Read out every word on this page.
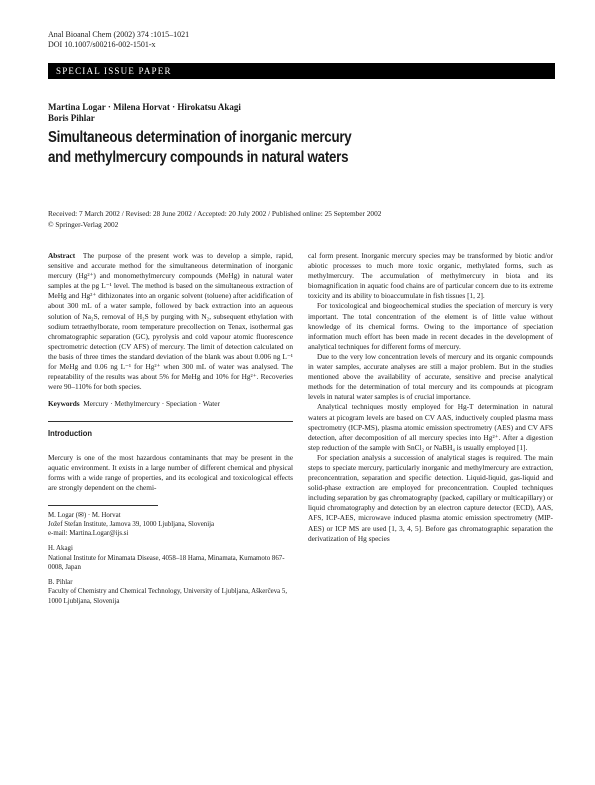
Anal Bioanal Chem (2002) 374 :1015–1021
DOI 10.1007/s00216-002-1501-x
SPECIAL ISSUE PAPER
Martina Logar · Milena Horvat · Hirokatsu Akagi
Boris Pihlar
Simultaneous determination of inorganic mercury
and methylmercury compounds in natural waters
Received: 7 March 2002 / Revised: 28 June 2002 / Accepted: 20 July 2002 / Published online: 25 September 2002
© Springer-Verlag 2002

Abstract The purpose of the present work was to develop a simple, rapid, sensitive and accurate method for the simultaneous determination of inorganic mercury (Hg²⁺) and monomethylmercury compounds (MeHg) in natural water samples at the pg L⁻¹ level. The method is based on the simultaneous extraction of MeHg and Hg²⁺ dithizonates into an organic solvent (toluene) after acidification of about 300 mL of a water sample, followed by back extraction into an aqueous solution of Na₂S, removal of H₂S by purging with N₂, subsequent ethylation with sodium tetraethylborate, room temperature precollection on Tenax, isothermal gas chromatographic separation (GC), pyrolysis and cold vapour atomic fluorescence spectrometric detection (CV AFS) of mercury. The limit of detection calculated on the basis of three times the standard deviation of the blank was about 0.006 ng L⁻¹ for MeHg and 0.06 ng L⁻¹ for Hg²⁺ when 300 mL of water was analysed. The repeatability of the results was about 5% for MeHg and 10% for Hg²⁺. Recoveries were 90–110% for both species.

Keywords Mercury · Methylmercury · Speciation · Water

Introduction

Mercury is one of the most hazardous contaminants that may be present in the aquatic environment. It exists in a large number of different chemical and physical forms with a wide range of properties, and its ecological and toxicological effects are strongly dependent on the chemi-

M. Logar (✉) · M. Horvat
Jožef Stefan Institute, Jamova 39, 1000 Ljubljana, Slovenija
e-mail: Martina.Logar@ijs.si
H. Akagi
National Institute for Minamata Disease, 4058–18 Hama, Minamata, Kumamoto 867-0008, Japan
B. Pihlar
Faculty of Chemistry and Chemical Technology, University of Ljubljana, Aškerčeva 5, 1000 Ljubljana, Slovenija

cal form present. Inorganic mercury species may be transformed by biotic and/or abiotic processes to much more toxic organic, methylated forms, such as methylmercury. The accumulation of methylmercury in biota and its biomagnification in aquatic food chains are of particular concern due to its extreme toxicity and its ability to bioaccumulate in fish tissues [1, 2].

For toxicological and biogeochemical studies the speciation of mercury is very important. The total concentration of the element is of little value without knowledge of its chemical forms. Owing to the importance of speciation information much effort has been made in recent decades in the development of analytical techniques for different forms of mercury.

Due to the very low concentration levels of mercury and its organic compounds in water samples, accurate analyses are still a major problem. But in the studies mentioned above the availability of accurate, sensitive and precise analytical methods for the determination of total mercury and its compounds at picogram levels in natural water samples is of crucial importance.

Analytical techniques mostly employed for Hg-T determination in natural waters at picogram levels are based on CV AAS, inductively coupled plasma mass spectrometry (ICP-MS), plasma atomic emission spectrometry (AES) and CV AFS detection, after decomposition of all mercury species into Hg²⁺. After a digestion step reduction of the sample with SnCl₂ or NaBH₄ is usually employed [1].

For speciation analysis a succession of analytical stages is required. The main steps to speciate mercury, particularly inorganic and methylmercury are extraction, preconcentration, separation and specific detection. Liquid-liquid, gas-liquid and solid-phase extraction are employed for preconcentration. Coupled techniques including separation by gas chromatography (packed, capillary or multicapillary) or liquid chromatography and detection by an electron capture detector (ECD), AAS, AFS, ICP-AES, microwave induced plasma atomic emission spectrometry (MIP-AES) or ICP MS are used [1, 3, 4, 5]. Before gas chromatographic separation the derivatization of Hg species
